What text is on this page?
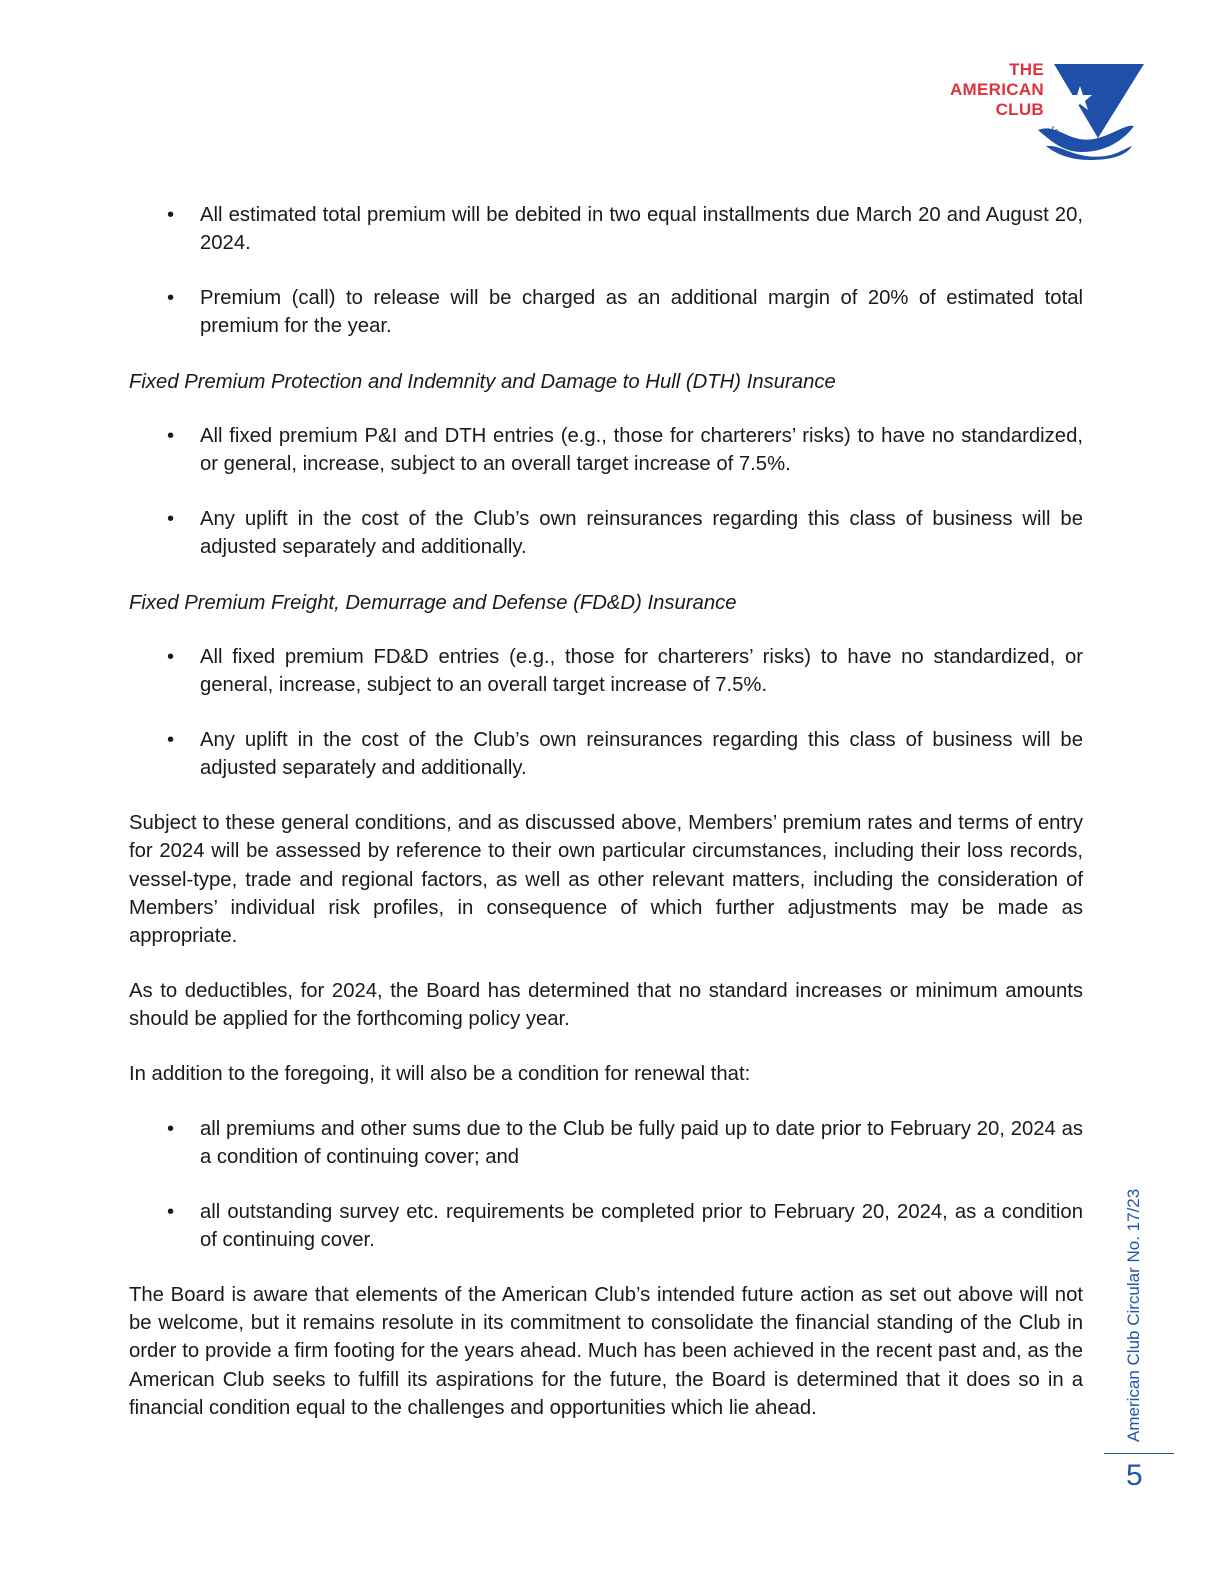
1917
THE
AMERICAN
CLUB
• All estimated total premium will be debited in two equal installments due March 20 and August 20, 2024.
• Premium (call) to release will be charged as an additional margin of 20% of estimated total premium for the year.
Fixed Premium Protection and Indemnity and Damage to Hull (DTH) Insurance
• All fixed premium P&I and DTH entries (e.g., those for charterers’ risks) to have no standardized, or general, increase, subject to an overall target increase of 7.5%.
• Any uplift in the cost of the Club’s own reinsurances regarding this class of business will be adjusted separately and additionally.
Fixed Premium Freight, Demurrage and Defense (FD&D) Insurance
• All fixed premium FD&D entries (e.g., those for charterers’ risks) to have no standardized, or general, increase, subject to an overall target increase of 7.5%.
• Any uplift in the cost of the Club’s own reinsurances regarding this class of business will be adjusted separately and additionally.
Subject to these general conditions, and as discussed above, Members’ premium rates and terms of entry for 2024 will be assessed by reference to their own particular circumstances, including their loss records, vessel-type, trade and regional factors, as well as other relevant matters, including the consideration of Members’ individual risk profiles, in consequence of which further adjustments may be made as appropriate.
As to deductibles, for 2024, the Board has determined that no standard increases or minimum amounts should be applied for the forthcoming policy year.
In addition to the foregoing, it will also be a condition for renewal that:
• all premiums and other sums due to the Club be fully paid up to date prior to February 20, 2024 as a condition of continuing cover; and
• all outstanding survey etc. requirements be completed prior to February 20, 2024, as a condition of continuing cover.
The Board is aware that elements of the American Club’s intended future action as set out above will not be welcome, but it remains resolute in its commitment to consolidate the financial standing of the Club in order to provide a firm footing for the years ahead. Much has been achieved in the recent past and, as the American Club seeks to fulfill its aspirations for the future, the Board is determined that it does so in a financial condition equal to the challenges and opportunities which lie ahead.	American Club Circular No. 17/23
5
